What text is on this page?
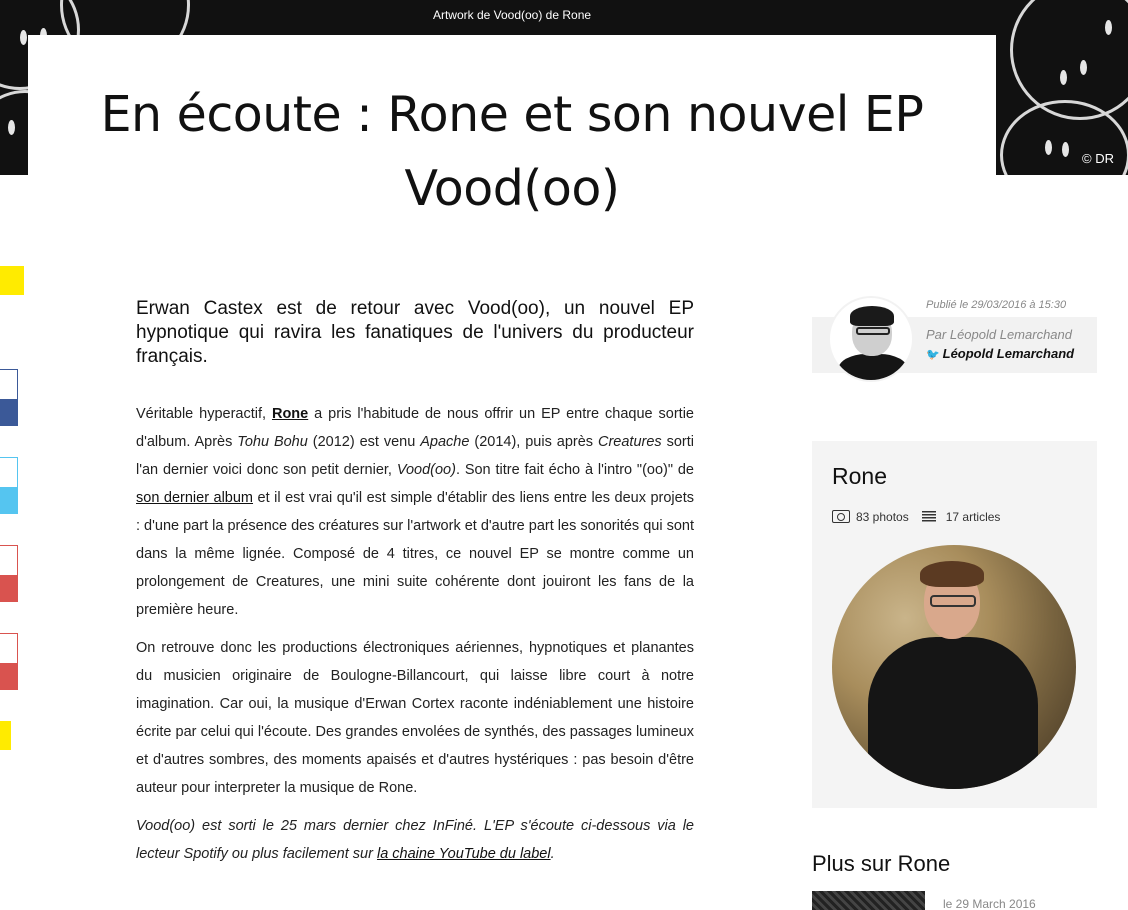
Artwork de Vood(oo) de Rone
© DR
En écoute : Rone et son nouvel EP Vood(oo)

Erwan Castex est de retour avec Vood(oo), un nouvel EP hypnotique qui ravira les fanatiques de l'univers du producteur français.

Véritable hyperactif, Rone a pris l'habitude de nous offrir un EP entre chaque sortie d'album. Après Tohu Bohu (2012) est venu Apache (2014), puis après Creatures sorti l'an dernier voici donc son petit dernier, Vood(oo). Son titre fait écho à l'intro "(oo)" de son dernier album et il est vrai qu'il est simple d'établir des liens entre les deux projets : d'une part la présence des créatures sur l'artwork et d'autre part les sonorités qui sont dans la même lignée. Composé de 4 titres, ce nouvel EP se montre comme un prolongement de Creatures, une mini suite cohérente dont jouiront les fans de la première heure.

On retrouve donc les productions électroniques aériennes, hypnotiques et planantes du musicien originaire de Boulogne-Billancourt, qui laisse libre court à notre imagination. Car oui, la musique d'Erwan Cortex raconte indéniablement une histoire écrite par celui qui l'écoute. Des grandes envolées de synthés, des passages lumineux et d'autres sombres, des moments apaisés et d'autres hystériques : pas besoin d'être auteur pour interpreter la musique de Rone.

Vood(oo) est sorti le 25 mars dernier chez InFiné. L'EP s'écoute ci-dessous via le lecteur Spotify ou plus facilement sur la chaine YouTube du label.

Publié le 29/03/2016 à 15:30
Par Léopold Lemarchand
🐦 Léopold Lemarchand
Rone
83 photos	17 articles
Plus sur Rone
le 29 March 2016
